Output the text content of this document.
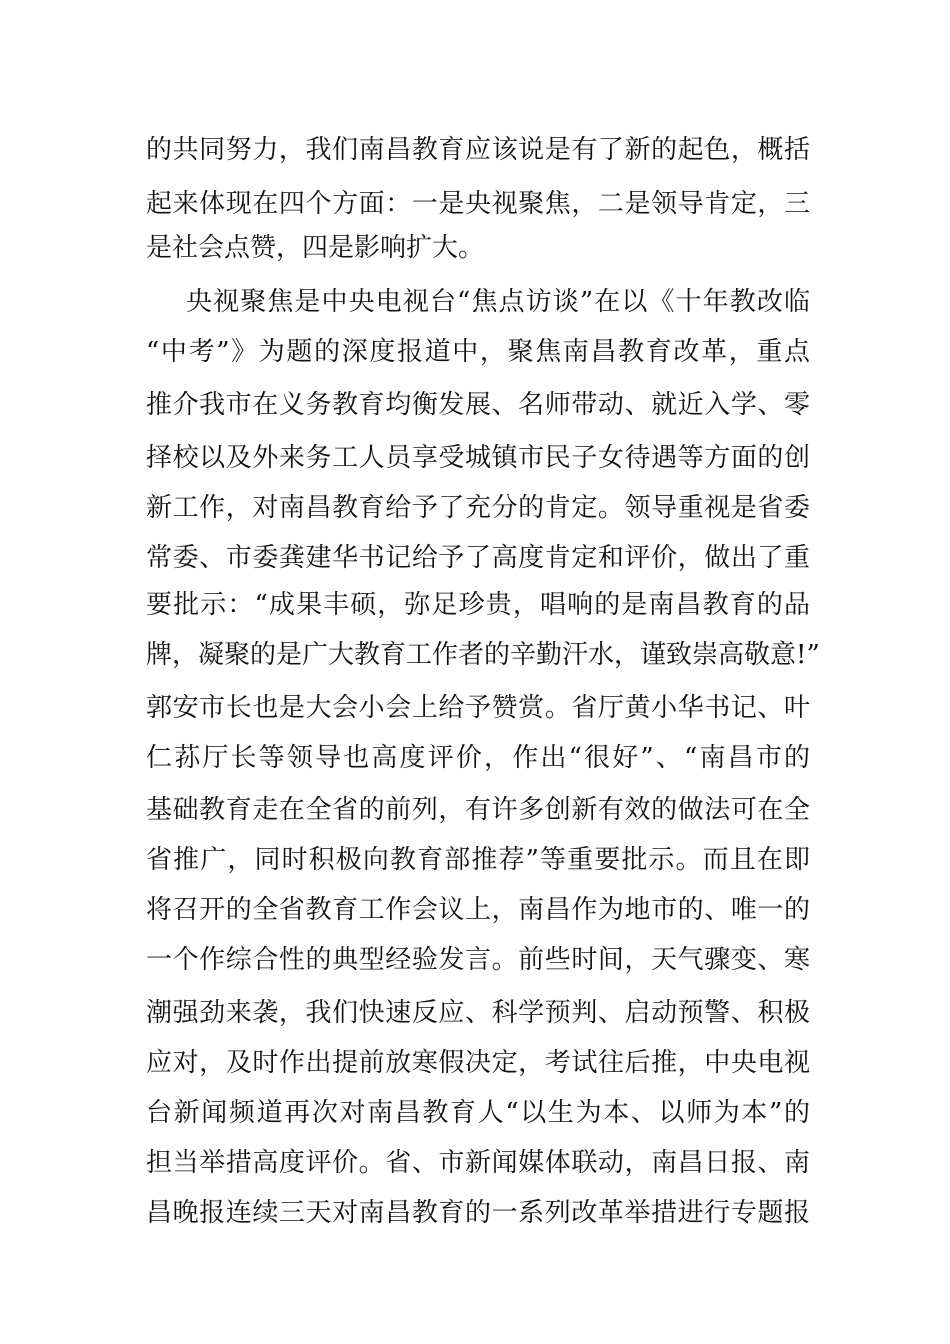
的共同努力，我们南昌教育应该说是有了新的起色，概括
起来体现在四个方面：一是央视聚焦，二是领导肯定，三
是社会点赞，四是影响扩大。
央视聚焦是中央电视台“焦点访谈”在以《十年教改临
“中考”》为题的深度报道中，聚焦南昌教育改革，重点
推介我市在义务教育均衡发展、名师带动、就近入学、零
择校以及外来务工人员享受城镇市民子女待遇等方面的创
新工作，对南昌教育给予了充分的肯定。领导重视是省委
常委、市委龚建华书记给予了高度肯定和评价，做出了重
要批示：“成果丰硕，弥足珍贵，唱响的是南昌教育的品
牌，凝聚的是广大教育工作者的辛勤汗水，谨致崇高敬意!”
郭安市长也是大会小会上给予赞赏。省厅黄小华书记、叶
仁荪厅长等领导也高度评价，作出“很好”、“南昌市的
基础教育走在全省的前列，有许多创新有效的做法可在全
省推广，同时积极向教育部推荐”等重要批示。而且在即
将召开的全省教育工作会议上，南昌作为地市的、唯一的
一个作综合性的典型经验发言。前些时间，天气骤变、寒
潮强劲来袭，我们快速反应、科学预判、启动预警、积极
应对，及时作出提前放寒假决定，考试往后推，中央电视
台新闻频道再次对南昌教育人“以生为本、以师为本”的
担当举措高度评价。省、市新闻媒体联动，南昌日报、南
昌晚报连续三天对南昌教育的一系列改革举措进行专题报
